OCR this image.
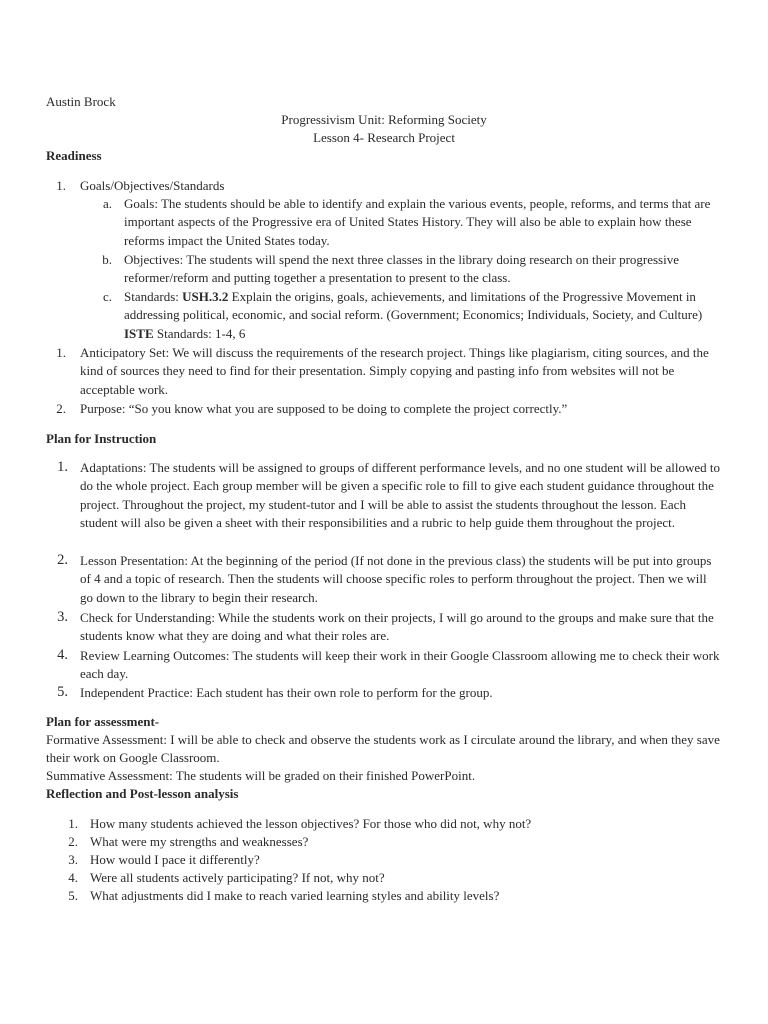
Austin Brock
Progressivism Unit: Reforming Society
Lesson 4- Research Project
Readiness
1. Goals/Objectives/Standards
a. Goals: The students should be able to identify and explain the various events, people, reforms, and terms that are important aspects of the Progressive era of United States History. They will also be able to explain how these reforms impact the United States today.
b. Objectives: The students will spend the next three classes in the library doing research on their progressive reformer/reform and putting together a presentation to present to the class.
c. Standards: USH.3.2 Explain the origins, goals, achievements, and limitations of the Progressive Movement in addressing political, economic, and social reform. (Government; Economics; Individuals, Society, and Culture) ISTE Standards: 1-4, 6
1. Anticipatory Set: We will discuss the requirements of the research project. Things like plagiarism, citing sources, and the kind of sources they need to find for their presentation. Simply copying and pasting info from websites will not be acceptable work.
2. Purpose: “So you know what you are supposed to be doing to complete the project correctly.”
Plan for Instruction
1. Adaptations: The students will be assigned to groups of different performance levels, and no one student will be allowed to do the whole project. Each group member will be given a specific role to fill to give each student guidance throughout the project. Throughout the project, my student-tutor and I will be able to assist the students throughout the lesson. Each student will also be given a sheet with their responsibilities and a rubric to help guide them throughout the project.
2. Lesson Presentation: At the beginning of the period (If not done in the previous class) the students will be put into groups of 4 and a topic of research. Then the students will choose specific roles to perform throughout the project. Then we will go down to the library to begin their research.
3. Check for Understanding: While the students work on their projects, I will go around to the groups and make sure that the students know what they are doing and what their roles are.
4. Review Learning Outcomes: The students will keep their work in their Google Classroom allowing me to check their work each day.
5. Independent Practice: Each student has their own role to perform for the group.
Plan for assessment-
Formative Assessment: I will be able to check and observe the students work as I circulate around the library, and when they save their work on Google Classroom.
Summative Assessment: The students will be graded on their finished PowerPoint.
Reflection and Post-lesson analysis
1. How many students achieved the lesson objectives? For those who did not, why not?
2. What were my strengths and weaknesses?
3. How would I pace it differently?
4. Were all students actively participating? If not, why not?
5. What adjustments did I make to reach varied learning styles and ability levels?
